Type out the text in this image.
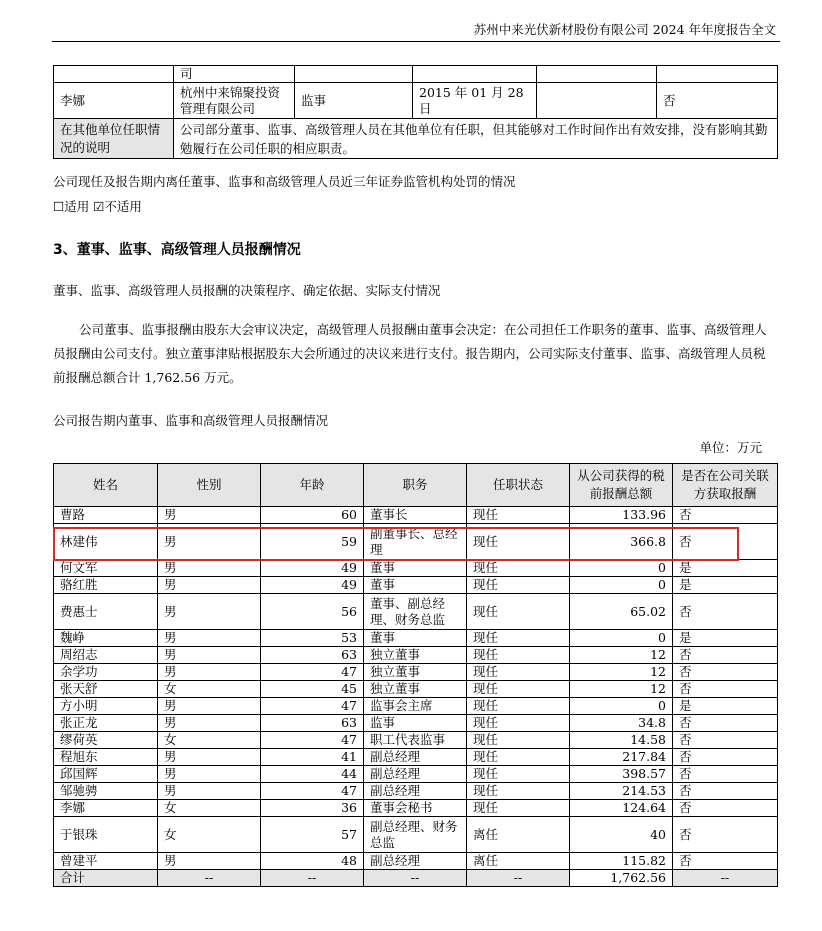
苏州中来光伏新材股份有限公司 2024 年年度报告全文
	司				
李娜	杭州中来锦聚投资管理有限公司	监事	2015 年 01 月 28 日		否
在其他单位任职情况的说明	公司部分董事、监事、高级管理人员在其他单位有任职，但其能够对工作时间作出有效安排，没有影响其勤勉履行在公司任职的相应职责。				

公司现任及报告期内离任董事、监事和高级管理人员近三年证券监管机构处罚的情况

☐适用 ☑不适用

3、董事、监事、高级管理人员报酬情况

董事、监事、高级管理人员报酬的决策程序、确定依据、实际支付情况

公司董事、监事报酬由股东大会审议决定，高级管理人员报酬由董事会决定：在公司担任工作职务的董事、监事、高级管理人员报酬由公司支付。独立董事津贴根据股东大会所通过的决议来进行支付。报告期内，公司实际支付董事、监事、高级管理人员税前报酬总额合计 1,762.56 万元。

公司报告期内董事、监事和高级管理人员报酬情况

单位：万元
姓名	性别	年龄	职务	任职状态	从公司获得的税前报酬总额	是否在公司关联方获取报酬
曹路	男	60	董事长	现任	133.96	否
林建伟	男	59	副董事长、总经理	现任	366.8	否
何文军	男	49	董事	现任	0	是
骆红胜	男	49	董事	现任	0	是
费惠士	男	56	董事、副总经理、财务总监	现任	65.02	否
魏峥	男	53	董事	现任	0	是
周绍志	男	63	独立董事	现任	12	否
余学功	男	47	独立董事	现任	12	否
张天舒	女	45	独立董事	现任	12	否
方小明	男	47	监事会主席	现任	0	是
张正龙	男	63	监事	现任	34.8	否
缪荷英	女	47	职工代表监事	现任	14.58	否
程旭东	男	41	副总经理	现任	217.84	否
邱国辉	男	44	副总经理	现任	398.57	否
邹驰骋	男	47	副总经理	现任	214.53	否
李娜	女	36	董事会秘书	现任	124.64	否
于银珠	女	57	副总经理、财务总监	离任	40	否
曾建平	男	48	副总经理	离任	115.82	否
合计	--	--	--	--	1,762.56	--
